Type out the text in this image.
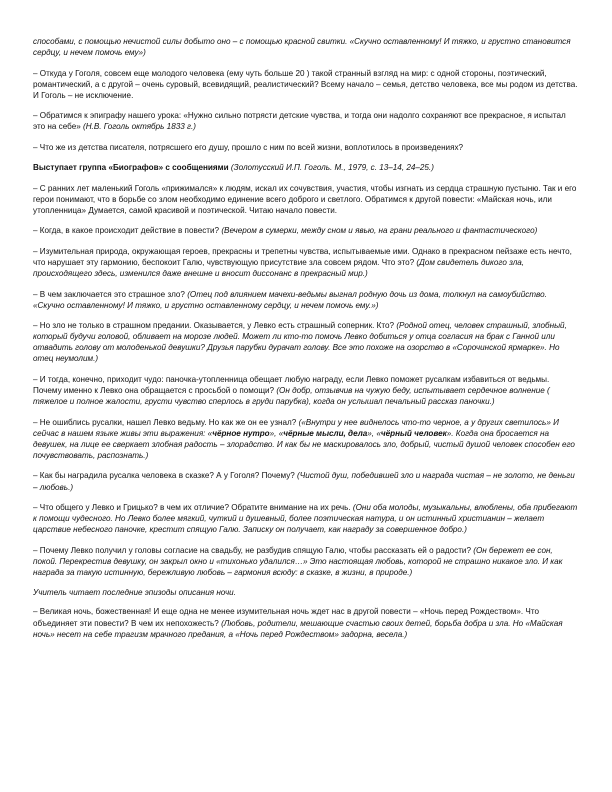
способами, с помощью нечистой силы добыто оно – с помощью красной свитки. «Скучно оставленному! И тяжко, и грустно становится сердцу, и нечем помочь ему»)

– Откуда у Гоголя, совсем еще молодого человека (ему чуть больше 20 ) такой странный взгляд на мир: с одной стороны, поэтический, романтический, а с другой – очень суровый, всевидящий, реалистический? Всему начало – семья, детство человека, все мы родом из детства. И Гоголь – не исключение.

– Обратимся к эпиграфу нашего урока: «Нужно сильно потрясти детские чувства, и тогда они надолго сохраняют все прекрасное, я испытал это на себе» (Н.В. Гоголь октябрь 1833 г.)

– Что же из детства писателя, потрясшего его душу, прошло с ним по всей жизни, воплотилось в произведениях?

Выступает группа «Биографов» с сообщениями (Золотусский И.П. Гоголь. М., 1979, с. 13–14, 24–25.)

– С ранних лет маленький Гоголь «прижимался» к людям, искал их сочувствия, участия, чтобы изгнать из сердца страшную пустыню. Так и его герои понимают, что в борьбе со злом необходимо единение всего доброго и светлого. Обратимся к другой повести: «Майская ночь, или утопленница» Думается, самой красивой и поэтической. Читаю начало повести.

– Когда, в какое происходит действие в повести? (Вечером в сумерки, между сном и явью, на грани реального и фантастического)

– Изумительная природа, окружающая героев, прекрасны и трепетны чувства, испытываемые ими. Однако в прекрасном пейзаже есть нечто, что нарушает эту гармонию, беспокоит Галю, чувствующую присутствие зла совсем рядом. Что это? (Дом свидетель дикого зла, происходящего здесь, изменился даже внешне и вносит диссонанс в прекрасный мир.)

– В чем заключается это страшное зло? (Отец под влиянием мачехи-ведьмы выгнал родную дочь из дома, толкнул на самоубийство. «Скучно оставленному! И тяжко, и грустно оставленному сердцу, и нечем помочь ему.»)

– Но зло не только в страшном предании. Оказывается, у Левко есть страшный соперник. Кто? (Родной отец, человек страшный, злобный, который будучи головой, обливает на морозе людей. Может ли кто-то помочь Левко добиться у отца согласия на брак с Ганной или отвадить голову от молоденькой девушки? Друзья парубки дурачат голову. Все это похоже на озорство в «Сорочинской ярмарке». Но отец неумолим.)

– И тогда, конечно, приходит чудо: паночка-утопленница обещает любую награду, если Левко поможет русалкам избавиться от ведьмы. Почему именно к Левко она обращается с просьбой о помощи? (Он добр, отзывчив на чужую беду, испытывает сердечное волнение ( тяжелое и полное жалости, грусти чувство сперлось в груди парубка), когда он услышал печальный рассказ паночки.)

– Не ошиблись русалки, нашел Левко ведьму. Но как же он ее узнал? («Внутри у нее виднелось что-то черное, а у других светилось» И сейчас в нашем языке живы эти выражения: «чёрное нутро», «чёрные мысли, дела», «чёрный человек». Когда она бросается на девушек, на лице ее сверкает злобная радость – злорадство. И как бы не маскировалось зло, добрый, чистый душой человек способен его почувствовать, распознать.)

– Как бы наградила русалка человека в сказке? А у Гоголя? Почему? (Чистой душ, победившей зло и награда чистая – не золото, не деньги – любовь.)

– Что общего у Левко и Грицько? в чем их отличие? Обратите внимание на их речь. (Они оба молоды, музыкальны, влюблены, оба прибегают к помощи чудесного. Но Левко более мягкий, чуткий и душевный, более поэтическая натура, и он истинный христианин – желает царствие небесного паночке, крестит спящую Галю. Записку он получает, как награду за совершенное добро.)

– Почему Левко получил у головы согласие на свадьбу, не разбудив спящую Галю, чтобы рассказать ей о радости? (Он бережет ее сон, покой. Перекрестив девушку, он закрыл окно и «тихонько удалился…» Это настоящая любовь, которой не страшно никакое зло. И как награда за такую истинную, бережливую любовь – гармония всюду: в сказке, в жизни, в природе.)

Учитель читает последние эпизоды описания ночи.

– Великая ночь, божественная! И еще одна не менее изумительная ночь ждет нас в другой повести – «Ночь перед Рождеством». Что объединяет эти повести? В чем их непохожесть? (Любовь, родители, мешающие счастью своих детей, борьба добра и зла. Но «Майская ночь» несет на себе трагизм мрачного предания, а «Ночь перед Рождеством» задорна, весела.)
